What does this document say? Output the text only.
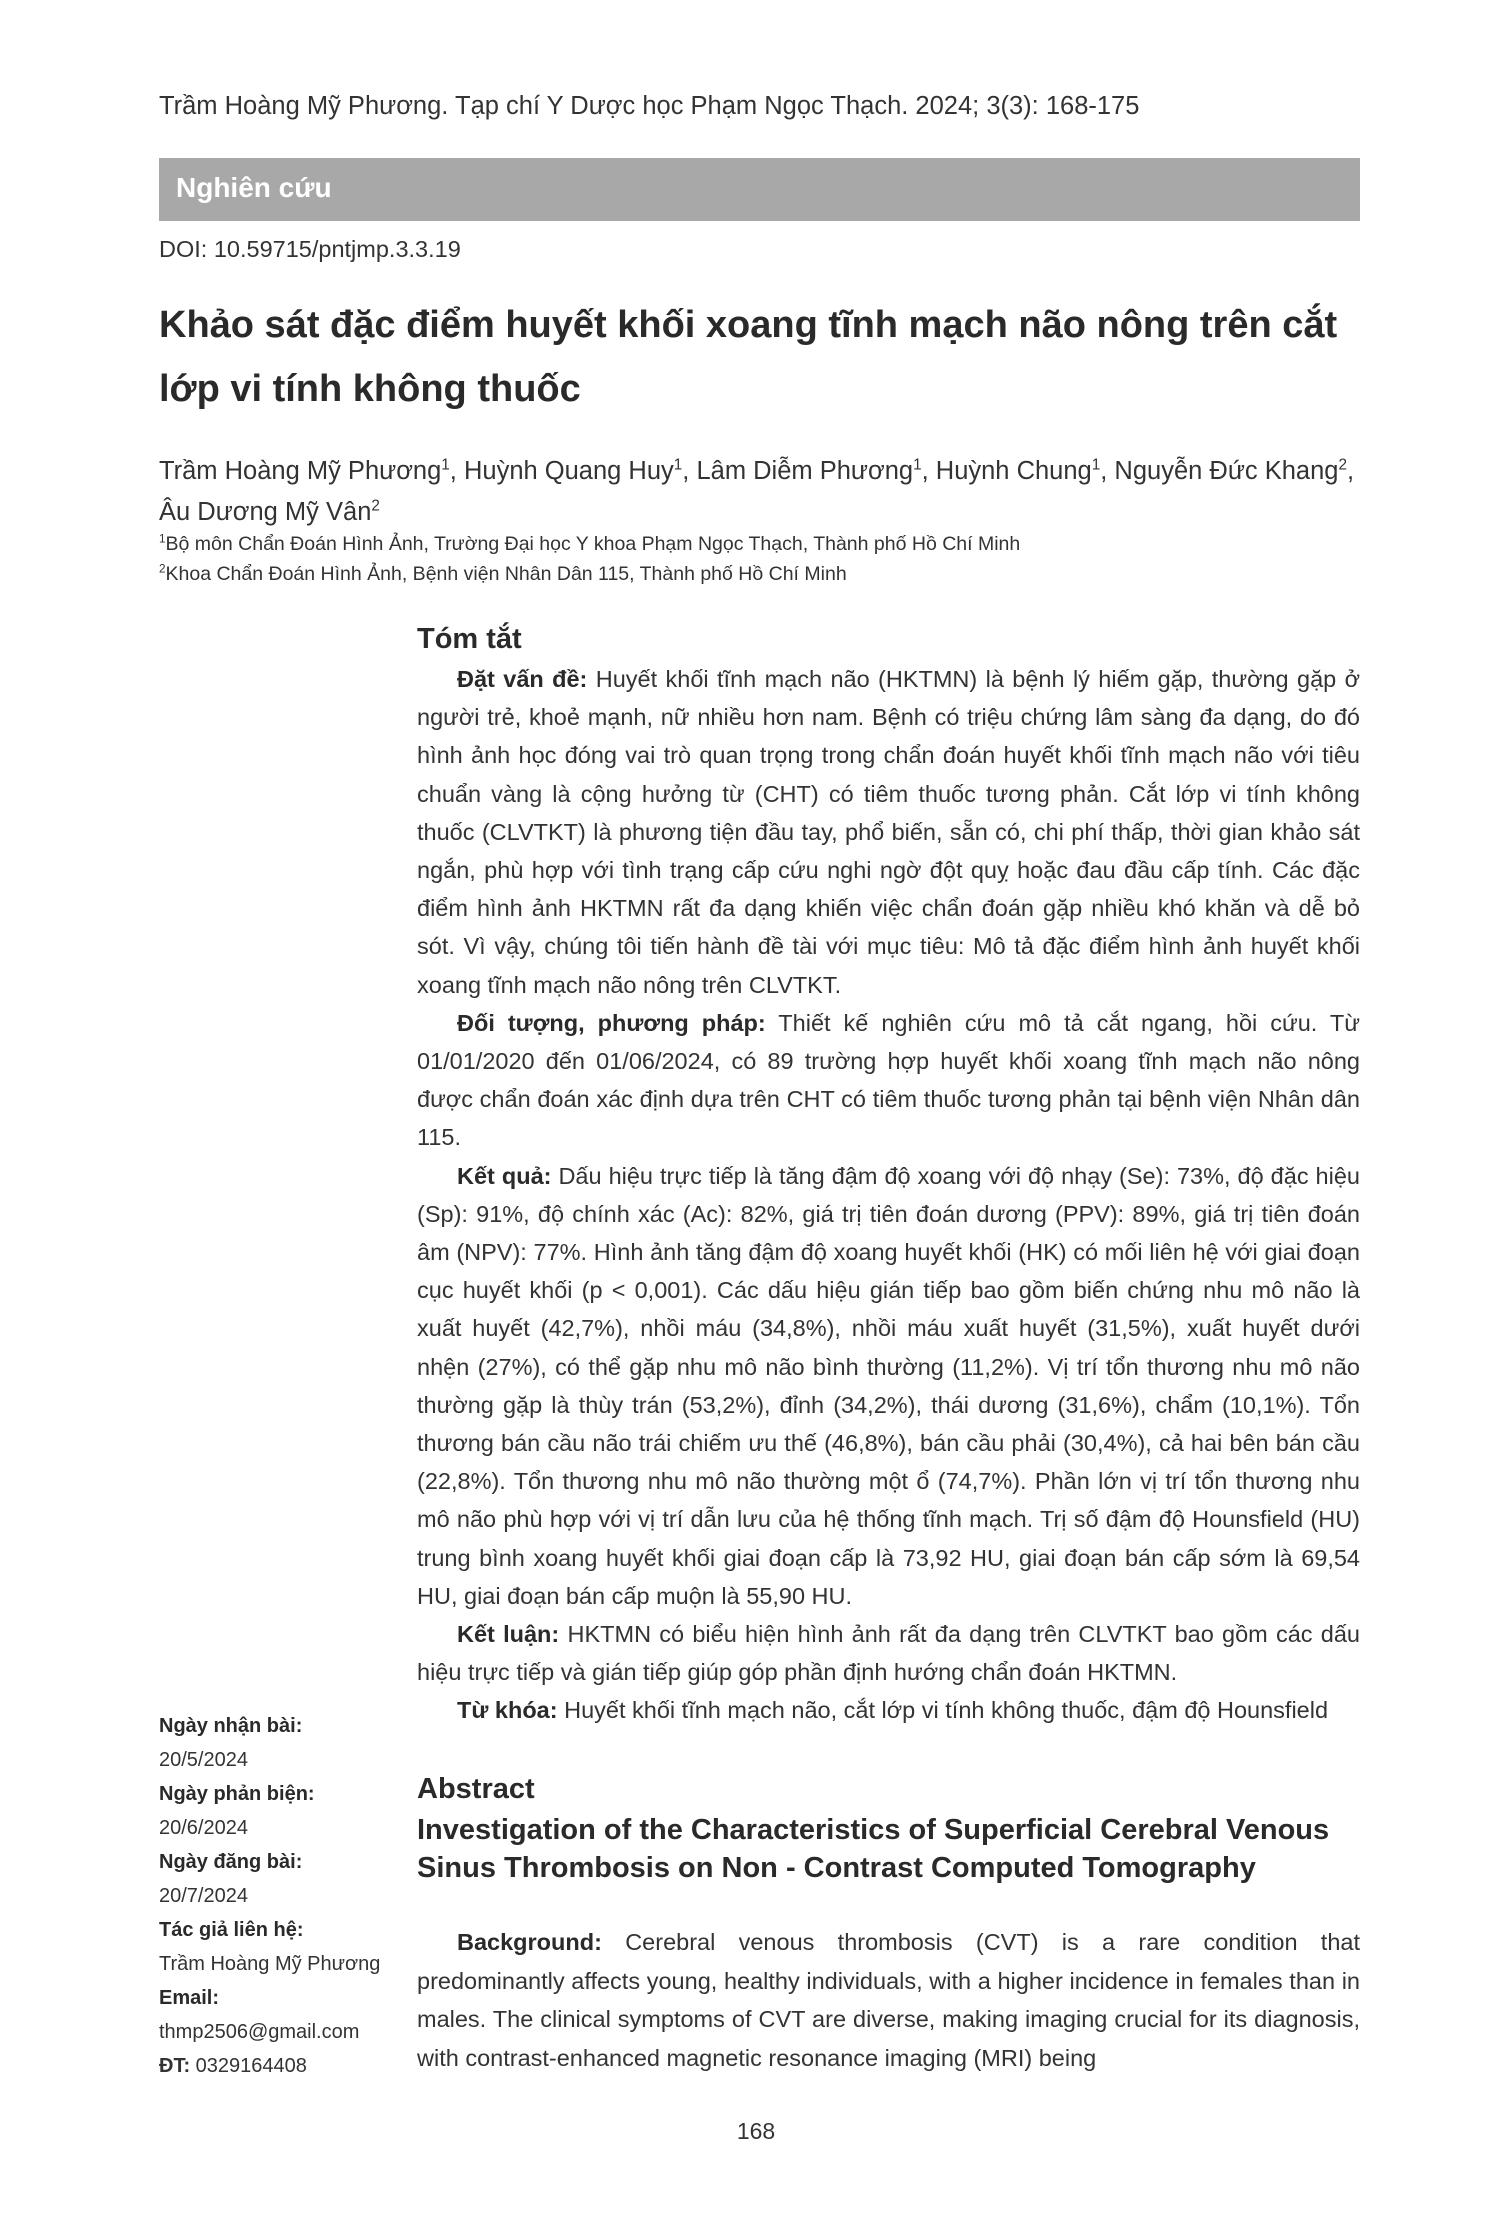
Trầm Hoàng Mỹ Phương. Tạp chí Y Dược học Phạm Ngọc Thạch. 2024; 3(3): 168-175
Nghiên cứu
DOI: 10.59715/pntjmp.3.3.19
Khảo sát đặc điểm huyết khối xoang tĩnh mạch não nông trên cắt lớp vi tính không thuốc
Trầm Hoàng Mỹ Phương$^1$, Huỳnh Quang Huy$^1$, Lâm Diễm Phương$^1$, Huỳnh Chung$^1$, Nguyễn Đức Khang$^2$, Âu Dương Mỹ Vân$^2$
$^1$Bộ môn Chẩn Đoán Hình Ảnh, Trường Đại học Y khoa Phạm Ngọc Thạch, Thành phố Hồ Chí Minh
$^2$Khoa Chẩn Đoán Hình Ảnh, Bệnh viện Nhân Dân 115, Thành phố Hồ Chí Minh
Tóm tắt

Đặt vấn đề: Huyết khối tĩnh mạch não (HKTMN) là bệnh lý hiếm gặp, thường gặp ở người trẻ, khoẻ mạnh, nữ nhiều hơn nam. Bệnh có triệu chứng lâm sàng đa dạng, do đó hình ảnh học đóng vai trò quan trọng trong chẩn đoán huyết khối tĩnh mạch não với tiêu chuẩn vàng là cộng hưởng từ (CHT) có tiêm thuốc tương phản. Cắt lớp vi tính không thuốc (CLVTKT) là phương tiện đầu tay, phổ biến, sẵn có, chi phí thấp, thời gian khảo sát ngắn, phù hợp với tình trạng cấp cứu nghi ngờ đột quỵ hoặc đau đầu cấp tính. Các đặc điểm hình ảnh HKTMN rất đa dạng khiến việc chẩn đoán gặp nhiều khó khăn và dễ bỏ sót. Vì vậy, chúng tôi tiến hành đề tài với mục tiêu: Mô tả đặc điểm hình ảnh huyết khối xoang tĩnh mạch não nông trên CLVTKT.

Đối tượng, phương pháp: Thiết kế nghiên cứu mô tả cắt ngang, hồi cứu. Từ 01/01/2020 đến 01/06/2024, có 89 trường hợp huyết khối xoang tĩnh mạch não nông được chẩn đoán xác định dựa trên CHT có tiêm thuốc tương phản tại bệnh viện Nhân dân 115.

Kết quả: Dấu hiệu trực tiếp là tăng đậm độ xoang với độ nhạy (Se): 73%, độ đặc hiệu (Sp): 91%, độ chính xác (Ac): 82%, giá trị tiên đoán dương (PPV): 89%, giá trị tiên đoán âm (NPV): 77%. Hình ảnh tăng đậm độ xoang huyết khối (HK) có mối liên hệ với giai đoạn cục huyết khối (p < 0,001). Các dấu hiệu gián tiếp bao gồm biến chứng nhu mô não là xuất huyết (42,7%), nhồi máu (34,8%), nhồi máu xuất huyết (31,5%), xuất huyết dưới nhện (27%), có thể gặp nhu mô não bình thường (11,2%). Vị trí tổn thương nhu mô não thường gặp là thùy trán (53,2%), đỉnh (34,2%), thái dương (31,6%), chẩm (10,1%). Tổn thương bán cầu não trái chiếm ưu thế (46,8%), bán cầu phải (30,4%), cả hai bên bán cầu (22,8%). Tổn thương nhu mô não thường một ổ (74,7%). Phần lớn vị trí tổn thương nhu mô não phù hợp với vị trí dẫn lưu của hệ thống tĩnh mạch. Trị số đậm độ Hounsfield (HU) trung bình xoang huyết khối giai đoạn cấp là 73,92 HU, giai đoạn bán cấp sớm là 69,54 HU, giai đoạn bán cấp muộn là 55,90 HU.

Kết luận: HKTMN có biểu hiện hình ảnh rất đa dạng trên CLVTKT bao gồm các dấu hiệu trực tiếp và gián tiếp giúp góp phần định hướng chẩn đoán HKTMN.

Từ khóa: Huyết khối tĩnh mạch não, cắt lớp vi tính không thuốc, đậm độ Hounsfield

Abstract
Investigation of the Characteristics of Superficial Cerebral Venous Sinus Thrombosis on Non - Contrast Computed Tomography

Background: Cerebral venous thrombosis (CVT) is a rare condition that predominantly affects young, healthy individuals, with a higher incidence in females than in males. The clinical symptoms of CVT are diverse, making imaging crucial for its diagnosis, with contrast-enhanced magnetic resonance imaging (MRI) being

Ngày nhận bài:
20/5/2024
Ngày phản biện:
20/6/2024
Ngày đăng bài:
20/7/2024
Tác giả liên hệ:
Trầm Hoàng Mỹ Phương
Email:
thmp2506@gmail.com
ĐT: 0329164408
168
